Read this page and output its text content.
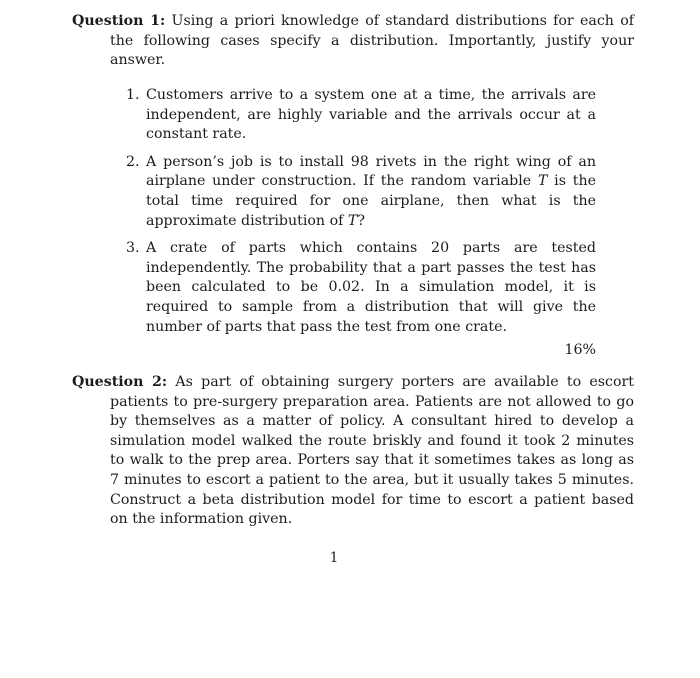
Question 1: Using a priori knowledge of standard distributions for each of the following cases specify a distribution. Importantly, justify your answer.

1. Customers arrive to a system one at a time, the arrivals are independent, are highly variable and the arrivals occur at a constant rate.
2. A person’s job is to install 98 rivets in the right wing of an airplane under construction. If the random variable T is the total time required for one airplane, then what is the approximate distribution of T?
3. A crate of parts which contains 20 parts are tested independently. The probability that a part passes the test has been calculated to be 0.02. In a simulation model, it is required to sample from a distribution that will give the number of parts that pass the test from one crate.
16%

Question 2: As part of obtaining surgery porters are available to escort patients to pre-surgery preparation area. Patients are not allowed to go by themselves as a matter of policy. A consultant hired to develop a simulation model walked the route briskly and found it took 2 minutes to walk to the prep area. Porters say that it sometimes takes as long as 7 minutes to escort a patient to the area, but it usually takes 5 minutes. Construct a beta distribution model for time to escort a patient based on the information given.

1
